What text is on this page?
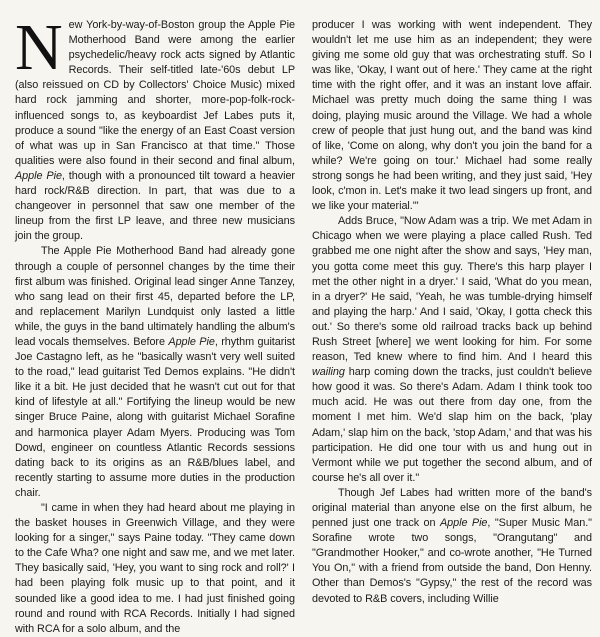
New York-by-way-of-Boston group the Apple Pie Motherhood Band were among the earlier psychedelic/heavy rock acts signed by Atlantic Records. Their self-titled late-'60s debut LP (also reissued on CD by Collectors' Choice Music) mixed hard rock jamming and shorter, more-pop-folk-rock-influenced songs to, as keyboardist Jef Labes puts it, produce a sound "like the energy of an East Coast version of what was up in San Francisco at that time." Those qualities were also found in their second and final album, Apple Pie, though with a pronounced tilt toward a heavier hard rock/R&B direction. In part, that was due to a changeover in personnel that saw one member of the lineup from the first LP leave, and three new musicians join the group.

The Apple Pie Motherhood Band had already gone through a couple of personnel changes by the time their first album was finished. Original lead singer Anne Tanzey, who sang lead on their first 45, departed before the LP, and replacement Marilyn Lundquist only lasted a little while, the guys in the band ultimately handling the album's lead vocals themselves. Before Apple Pie, rhythm guitarist Joe Castagno left, as he "basically wasn't very well suited to the road," lead guitarist Ted Demos explains. "He didn't like it a bit. He just decided that he wasn't cut out for that kind of lifestyle at all." Fortifying the lineup would be new singer Bruce Paine, along with guitarist Michael Sorafine and harmonica player Adam Myers. Producing was Tom Dowd, engineer on countless Atlantic Records sessions dating back to its origins as an R&B/blues label, and recently starting to assume more duties in the production chair.

"I came in when they had heard about me playing in the basket houses in Greenwich Village, and they were looking for a singer," says Paine today. "They came down to the Cafe Wha? one night and saw me, and we met later. They basically said, 'Hey, you want to sing rock and roll?' I had been playing folk music up to that point, and it sounded like a good idea to me. I had just finished going round and round with RCA Records. Initially I had signed with RCA for a solo album, and the

producer I was working with went independent. They wouldn't let me use him as an independent; they were giving me some old guy that was orchestrating stuff. So I was like, 'Okay, I want out of here.' They came at the right time with the right offer, and it was an instant love affair. Michael was pretty much doing the same thing I was doing, playing music around the Village. We had a whole crew of people that just hung out, and the band was kind of like, 'Come on along, why don't you join the band for a while? We're going on tour.' Michael had some really strong songs he had been writing, and they just said, 'Hey look, c'mon in. Let's make it two lead singers up front, and we like your material.'"

Adds Bruce, "Now Adam was a trip. We met Adam in Chicago when we were playing a place called Rush. Ted grabbed me one night after the show and says, 'Hey man, you gotta come meet this guy. There's this harp player I met the other night in a dryer.' I said, 'What do you mean, in a dryer?' He said, 'Yeah, he was tumble-drying himself and playing the harp.' And I said, 'Okay, I gotta check this out.' So there's some old railroad tracks back up behind Rush Street [where] we went looking for him. For some reason, Ted knew where to find him. And I heard this wailing harp coming down the tracks, just couldn't believe how good it was. So there's Adam. Adam I think took too much acid. He was out there from day one, from the moment I met him. We'd slap him on the back, 'play Adam,' slap him on the back, 'stop Adam,' and that was his participation. He did one tour with us and hung out in Vermont while we put together the second album, and of course he's all over it."

Though Jef Labes had written more of the band's original material than anyone else on the first album, he penned just one track on Apple Pie, "Super Music Man." Sorafine wrote two songs, "Orangutang" and "Grandmother Hooker," and co-wrote another, "He Turned You On," with a friend from outside the band, Don Henny. Other than Demos's "Gypsy," the rest of the record was devoted to R&B covers, including Willie
